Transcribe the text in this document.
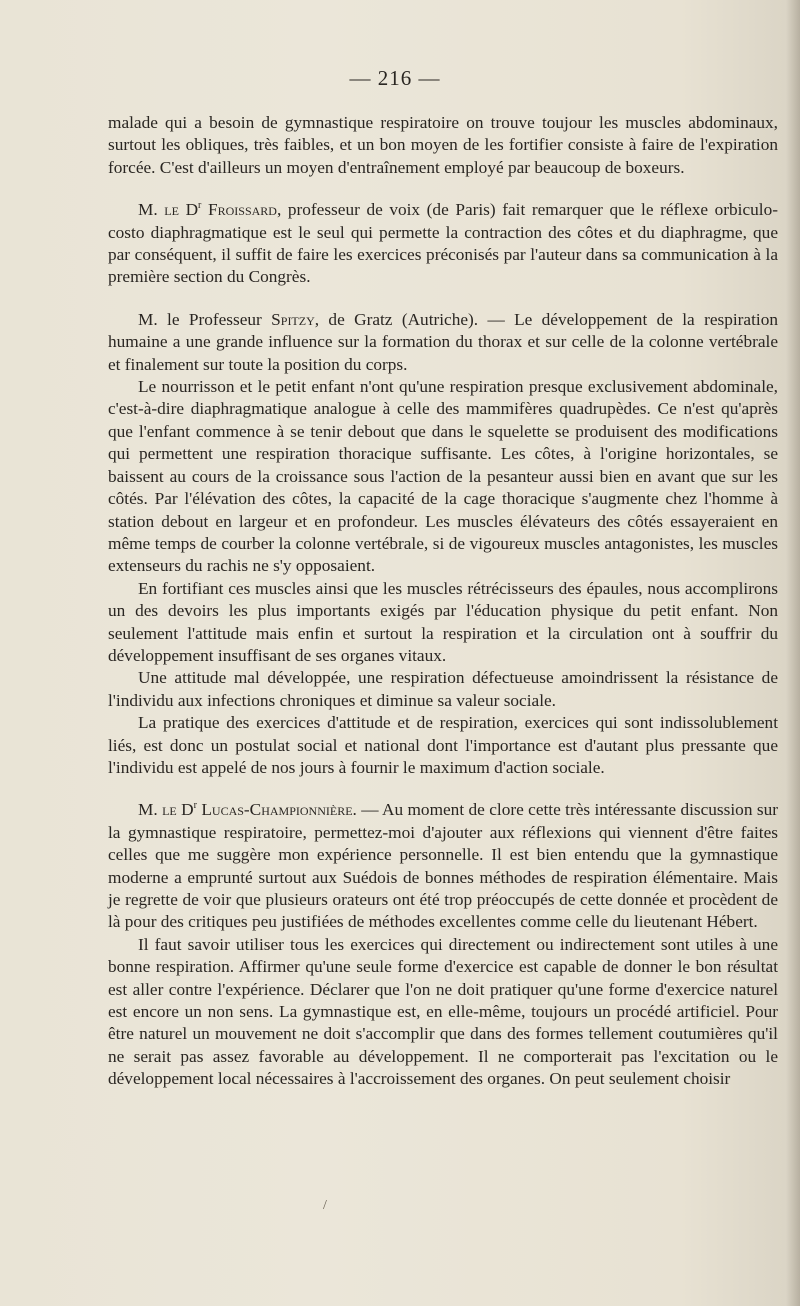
— 216 —

malade qui a besoin de gymnastique respiratoire on trouve toujour les muscles abdominaux, surtout les obliques, très faibles, et un bon moyen de les fortifier consiste à faire de l'expiration forcée. C'est d'ailleurs un moyen d'entraînement employé par beaucoup de boxeurs.

M. le $D^r$ Froissard, professeur de voix (de Paris) fait remarquer que le réflexe orbiculo-costo diaphragmatique est le seul qui permette la contraction des côtes et du diaphragme, que par conséquent, il suffit de faire les exercices préconisés par l'auteur dans sa communication à la première section du Congrès.

M. le Professeur Spitzy, de Gratz (Autriche). — Le développement de la respiration humaine a une grande influence sur la formation du thorax et sur celle de la colonne vertébrale et finalement sur toute la position du corps.

Le nourrisson et le petit enfant n'ont qu'une respiration presque exclusivement abdominale, c'est-à-dire diaphragmatique analogue à celle des mammifères quadrupèdes. Ce n'est qu'après que l'enfant commence à se tenir debout que dans le squelette se produisent des modifications qui permettent une respiration thoracique suffisante. Les côtes, à l'origine horizontales, se baissent au cours de la croissance sous l'action de la pesanteur aussi bien en avant que sur les côtés. Par l'élévation des côtes, la capacité de la cage thoracique s'augmente chez l'homme à station debout en largeur et en profondeur. Les muscles élévateurs des côtés essayeraient en même temps de courber la colonne vertébrale, si de vigoureux muscles antagonistes, les muscles extenseurs du rachis ne s'y opposaient.

En fortifiant ces muscles ainsi que les muscles rétrécisseurs des épaules, nous accomplirons un des devoirs les plus importants exigés par l'éducation physique du petit enfant. Non seulement l'attitude mais enfin et surtout la respiration et la circulation ont à souffrir du développement insuffisant de ses organes vitaux.

Une attitude mal développée, une respiration défectueuse amoindrissent la résistance de l'individu aux infections chroniques et diminue sa valeur sociale.

La pratique des exercices d'attitude et de respiration, exercices qui sont indissolublement liés, est donc un postulat social et national dont l'importance est d'autant plus pressante que l'individu est appelé de nos jours à fournir le maximum d'action sociale.

M. le $D^r$ Lucas-Championnière. — Au moment de clore cette très intéressante discussion sur la gymnastique respiratoire, permettez-moi d'ajouter aux réflexions qui viennent d'être faites celles que me suggère mon expérience personnelle. Il est bien entendu que la gymnastique moderne a emprunté surtout aux Suédois de bonnes méthodes de respiration élémentaire. Mais je regrette de voir que plusieurs orateurs ont été trop préoccupés de cette donnée et procèdent de là pour des critiques peu justifiées de méthodes excellentes comme celle du lieutenant Hébert.

Il faut savoir utiliser tous les exercices qui directement ou indirectement sont utiles à une bonne respiration. Affirmer qu'une seule forme d'exercice est capable de donner le bon résultat est aller contre l'expérience. Déclarer que l'on ne doit pratiquer qu'une forme d'exercice naturel est encore un non sens. La gymnastique est, en elle-même, toujours un procédé artificiel. Pour être naturel un mouvement ne doit s'accomplir que dans des formes tellement coutumières qu'il ne serait pas assez favorable au développement. Il ne comporterait pas l'excitation ou le développement local nécessaires à l'accroissement des organes. On peut seulement choisir

/
